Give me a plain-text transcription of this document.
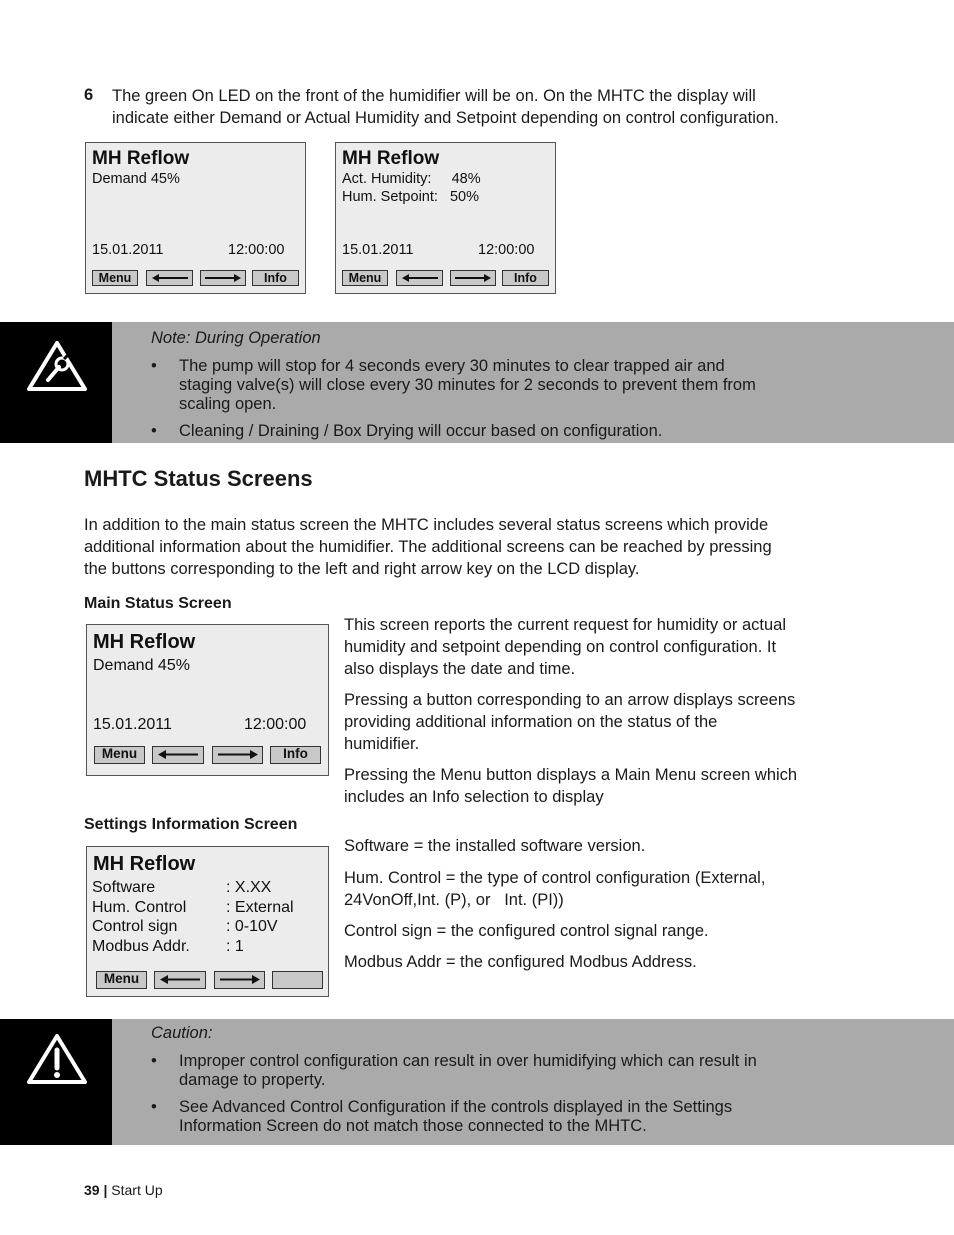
6 The green On LED on the front of the humidifier will be on. On the MHTC the display will
indicate either Demand or Actual Humidity and Setpoint depending on control configuration.
MH Reflow
Demand 45%
15.01.2011	12:00:00
Menu	Info
MH Reflow
Act. Humidity:     48%
Hum. Setpoint:   50%
15.01.2011	12:00:00
Menu	Info
Note: During Operation
• The pump will stop for 4 seconds every 30 minutes to clear trapped air and
staging valve(s) will close every 30 minutes for 2 seconds to prevent them from
scaling open.
• Cleaning / Draining / Box Drying will occur based on configuration.
MHTC Status Screens
In addition to the main status screen the MHTC includes several status screens which provide
additional information about the humidifier. The additional screens can be reached by pressing
the buttons corresponding to the left and right arrow key on the LCD display.
Main Status Screen
MH Reflow
Demand 45%
15.01.2011	12:00:00
Menu	Info
This screen reports the current request for humidity or actual
humidity and setpoint depending on control configuration. It
also displays the date and time.
Pressing a button corresponding to an arrow displays screens
providing additional information on the status of the
humidifier.
Pressing the Menu button displays a Main Menu screen which
includes an Info selection to display
Settings Information Screen
MH Reflow
Software	: X.XX
Hum. Control : External
Control sign	: 0-10V
Modbus Addr. : 1
Menu
Software = the installed software version.
Hum. Control = the type of control configuration (External,
24VonOff,Int. (P), or   Int. (PI))
Control sign = the configured control signal range.
Modbus Addr = the configured Modbus Address.
Caution:
• Improper control configuration can result in over humidifying which can result in
damage to property.
• See Advanced Control Configuration if the controls displayed in the Settings
Information Screen do not match those connected to the MHTC.
39 | Start Up
